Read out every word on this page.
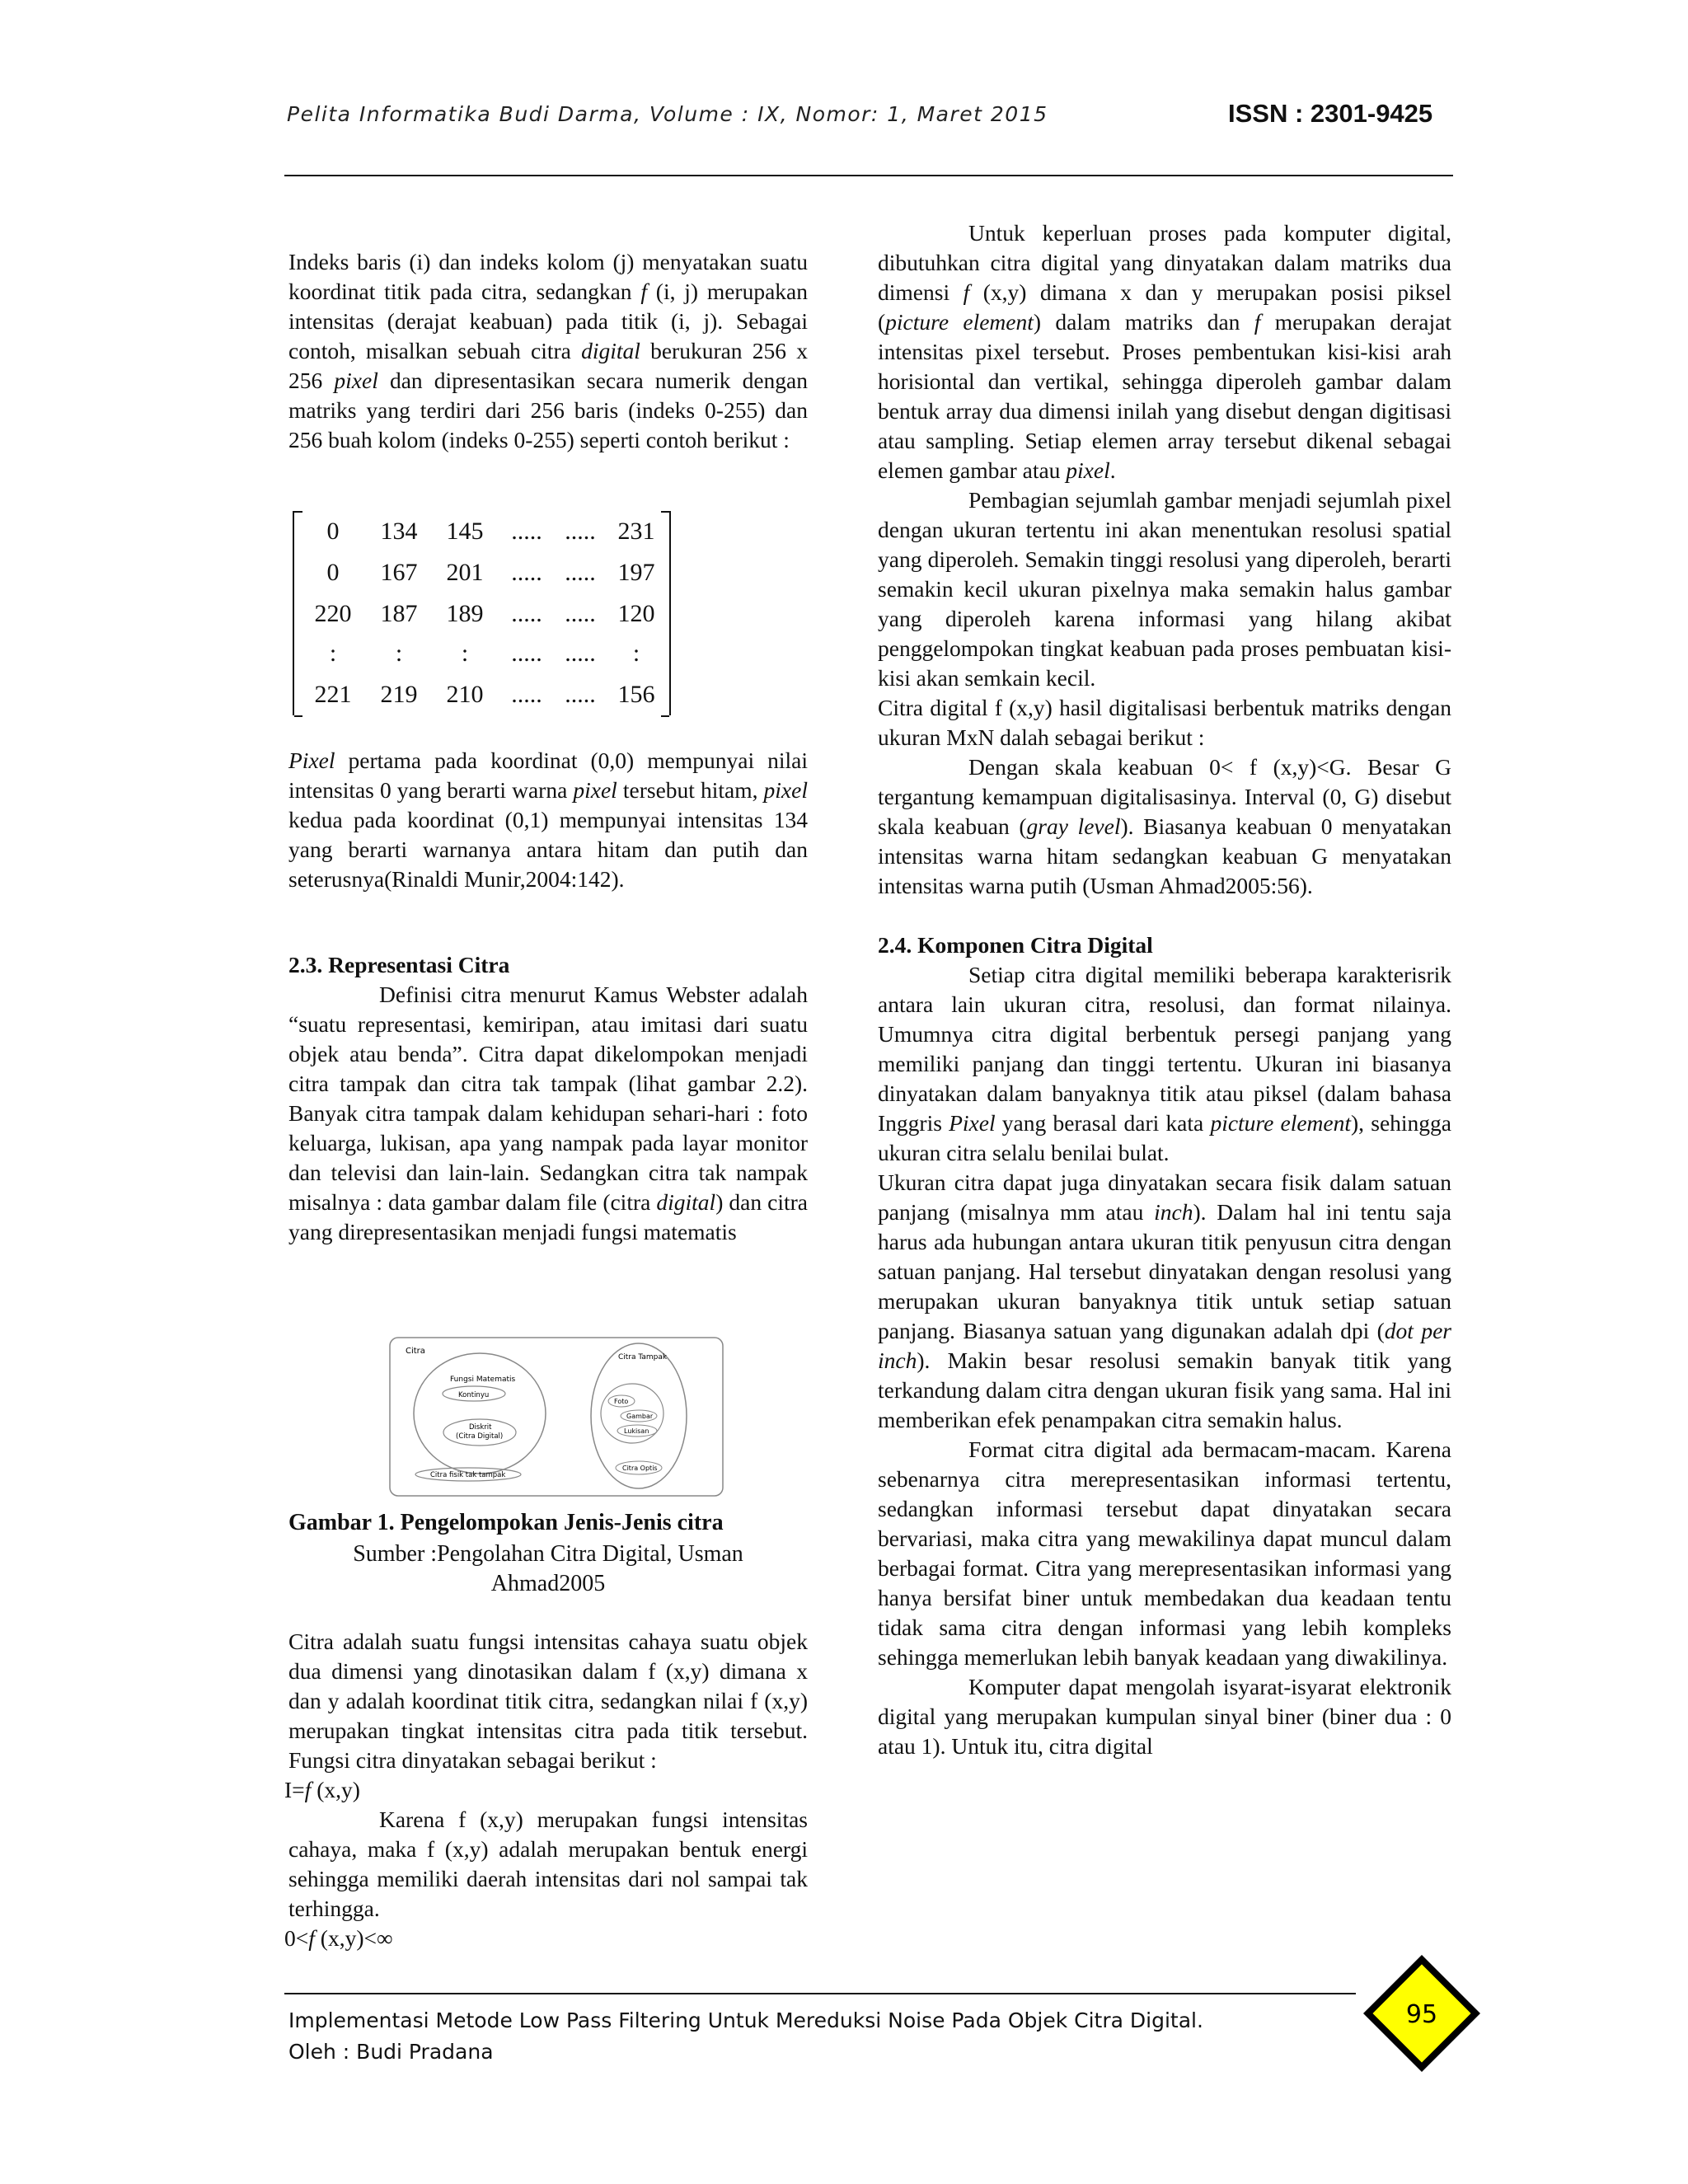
Pelita Informatika Budi Darma, Volume : IX, Nomor: 1, Maret 2015	ISSN : 2301-9425

Indeks baris (i) dan indeks kolom (j) menyatakan suatu koordinat titik pada citra, sedangkan f (i, j) merupakan intensitas (derajat keabuan) pada titik (i, j). Sebagai contoh, misalkan sebuah citra digital berukuran 256 x 256 pixel dan dipresentasikan secara numerik dengan matriks yang terdiri dari 256 baris (indeks 0-255) dan 256 buah kolom (indeks 0-255) seperti contoh berikut :

0	134	145	..... ..... 231
0	167	201	..... ..... 197
220	187	189	..... ..... 120
:	:	:	..... .....	:
221	219	210	..... ..... 156

Pixel pertama pada koordinat (0,0) mempunyai nilai intensitas 0 yang berarti warna pixel tersebut hitam, pixel kedua pada koordinat (0,1) mempunyai intensitas 134 yang berarti warnanya antara hitam dan putih dan seterusnya(Rinaldi Munir,2004:142).

2.3. Representasi Citra

Definisi citra menurut Kamus Webster adalah “suatu representasi, kemiripan, atau imitasi dari suatu objek atau benda”. Citra dapat dikelompokan menjadi citra tampak dan citra tak tampak (lihat gambar 2.2). Banyak citra tampak dalam kehidupan sehari-hari : foto keluarga, lukisan, apa yang nampak pada layar monitor dan televisi dan lain-lain. Sedangkan citra tak nampak misalnya : data gambar dalam file (citra digital) dan citra yang direpresentasikan menjadi fungsi matematis

Citra
Fungsi Matematis
Kontinyu
Diskrit
(Citra Digital)
Citra fisik tak tampak
Citra Tampak
Foto
Gambar
Lukisan
Citra Optis
Gambar 1. Pengelompokan Jenis-Jenis citra
Sumber :Pengolahan Citra Digital, Usman
Ahmad2005

Citra adalah suatu fungsi intensitas cahaya suatu objek dua dimensi yang dinotasikan dalam f (x,y) dimana x dan y adalah koordinat titik citra, sedangkan nilai f (x,y) merupakan tingkat intensitas citra pada titik tersebut. Fungsi citra dinyatakan sebagai berikut :

I=f (x,y)

Karena f (x,y) merupakan fungsi intensitas cahaya, maka f (x,y) adalah merupakan bentuk energi sehingga memiliki daerah intensitas dari nol sampai tak terhingga.

0<f (x,y)<∞

Untuk keperluan proses pada komputer digital, dibutuhkan citra digital yang dinyatakan dalam matriks dua dimensi f (x,y) dimana x dan y merupakan posisi piksel (picture element) dalam matriks dan f merupakan derajat intensitas pixel tersebut. Proses pembentukan kisi-kisi arah horisiontal dan vertikal, sehingga diperoleh gambar dalam bentuk array dua dimensi inilah yang disebut dengan digitisasi atau sampling. Setiap elemen array tersebut dikenal sebagai elemen gambar atau pixel.

Pembagian sejumlah gambar menjadi sejumlah pixel dengan ukuran tertentu ini akan menentukan resolusi spatial yang diperoleh. Semakin tinggi resolusi yang diperoleh, berarti semakin kecil ukuran pixelnya maka semakin halus gambar yang diperoleh karena informasi yang hilang akibat penggelompokan tingkat keabuan pada proses pembuatan kisi-kisi akan semkain kecil.

Citra digital f (x,y) hasil digitalisasi berbentuk matriks dengan ukuran MxN dalah sebagai berikut :

Dengan skala keabuan 0< f (x,y)<G. Besar G tergantung kemampuan digitalisasinya. Interval (0, G) disebut skala keabuan (gray level). Biasanya keabuan 0 menyatakan intensitas warna hitam sedangkan keabuan G menyatakan intensitas warna putih (Usman Ahmad2005:56).

2.4. Komponen Citra Digital

Setiap citra digital memiliki beberapa karakterisrik antara lain ukuran citra, resolusi, dan format nilainya. Umumnya citra digital berbentuk persegi panjang yang memiliki panjang dan tinggi tertentu. Ukuran ini biasanya dinyatakan dalam banyaknya titik atau piksel (dalam bahasa Inggris Pixel yang berasal dari kata picture element), sehingga ukuran citra selalu benilai bulat.

Ukuran citra dapat juga dinyatakan secara fisik dalam satuan panjang (misalnya mm atau inch). Dalam hal ini tentu saja harus ada hubungan antara ukuran titik penyusun citra dengan satuan panjang. Hal tersebut dinyatakan dengan resolusi yang merupakan ukuran banyaknya titik untuk setiap satuan panjang. Biasanya satuan yang digunakan adalah dpi (dot per inch). Makin besar resolusi semakin banyak titik yang terkandung dalam citra dengan ukuran fisik yang sama. Hal ini memberikan efek penampakan citra semakin halus.

Format citra digital ada bermacam-macam. Karena sebenarnya citra merepresentasikan informasi tertentu, sedangkan informasi tersebut dapat dinyatakan secara bervariasi, maka citra yang mewakilinya dapat muncul dalam berbagai format. Citra yang merepresentasikan informasi yang hanya bersifat biner untuk membedakan dua keadaan tentu tidak sama citra dengan informasi yang lebih kompleks sehingga memerlukan lebih banyak keadaan yang diwakilinya.

Komputer dapat mengolah isyarat-isyarat elektronik digital yang merupakan kumpulan sinyal biner (biner dua : 0 atau 1). Untuk itu, citra digital

Implementasi Metode Low Pass Filtering Untuk Mereduksi Noise Pada Objek Citra Digital.
Oleh : Budi Pradana
95
